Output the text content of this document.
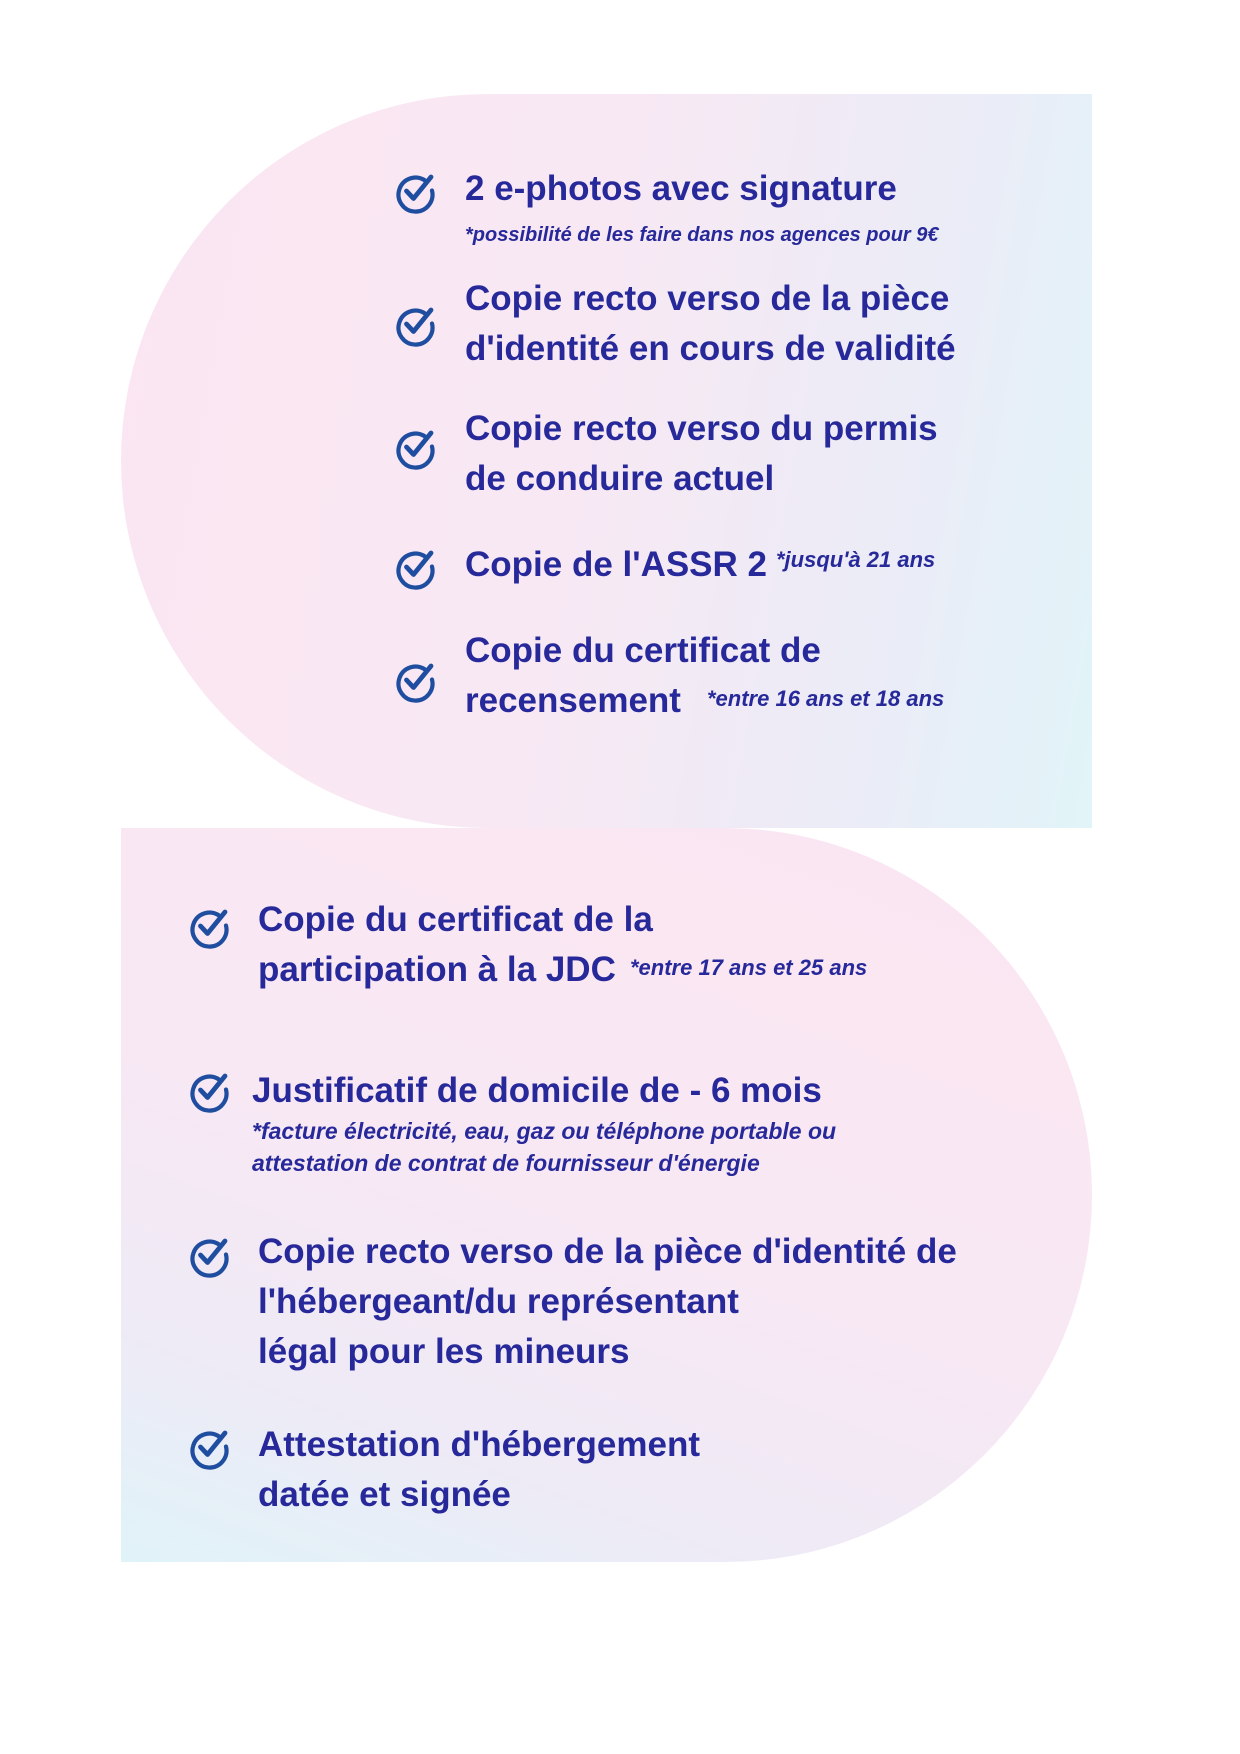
2 e-photos avec signature

*possibilité de les faire dans nos agences pour 9€

Copie recto verso de la pièce

d'identité en cours de validité

Copie recto verso du permis

de conduire actuel

Copie de l'ASSR 2 *jusqu'à 21 ans

Copie du certificat de

recensement *entre 16 ans et 18 ans

Copie du certificat de la

participation à la JDC *entre 17 ans et 25 ans

Justificatif de domicile de - 6 mois

*facture électricité, eau, gaz ou téléphone portable ou

attestation de contrat de fournisseur d'énergie

Copie recto verso de la pièce d'identité de

l'hébergeant/du représentant

légal pour les mineurs

Attestation d'hébergement

datée et signée
